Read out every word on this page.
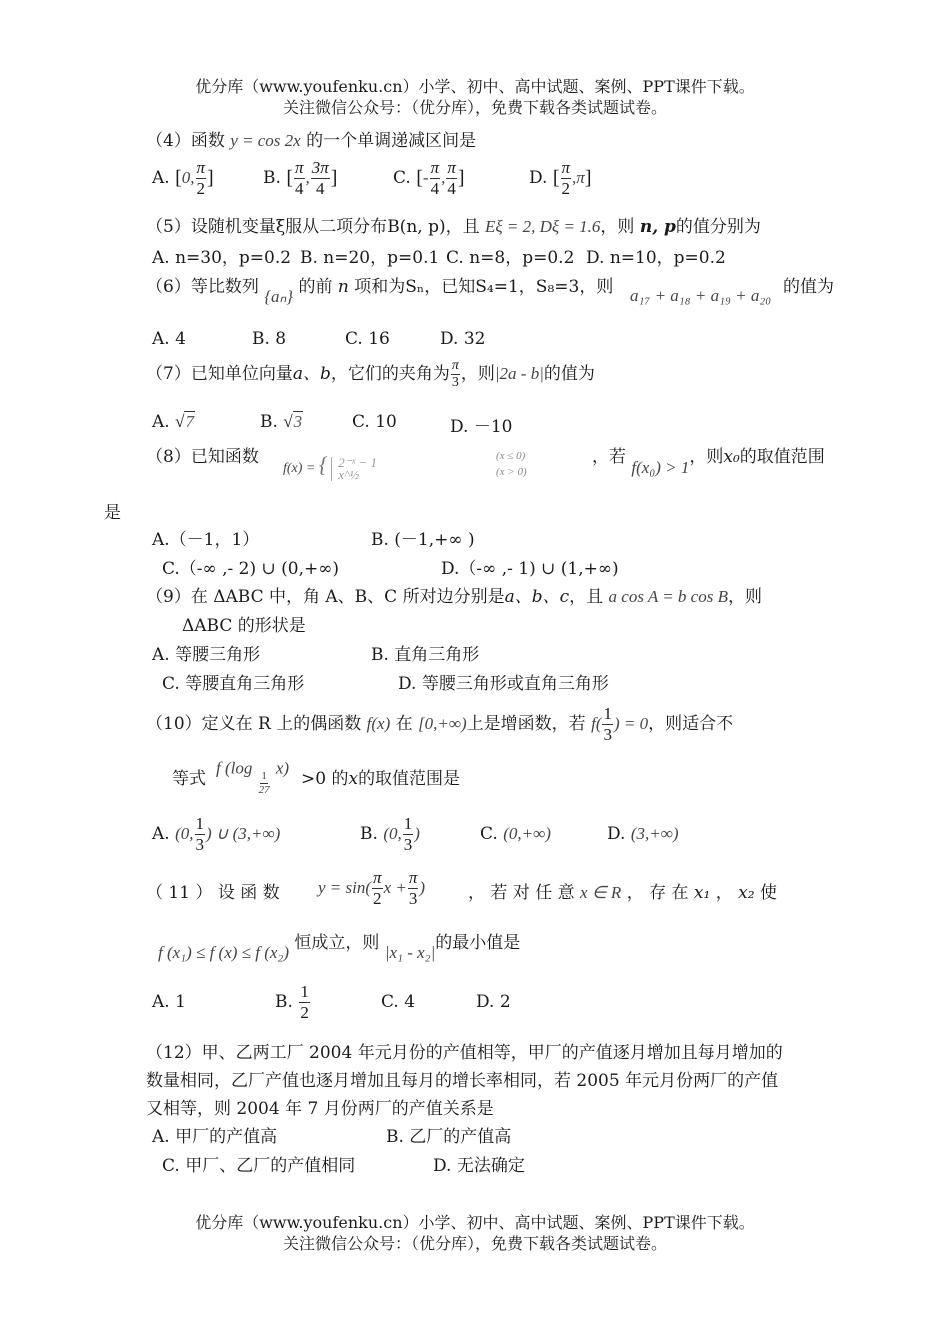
优分库（www.youfenku.cn）小学、初中、高中试题、案例、PPT课件下载。
关注微信公众号：（优分库），免费下载各类试题试卷。
（4）函数 y = cos 2x 的一个单调递减区间是
A. [0, $\frac{\pi}{2}$ ]	B. [ $\frac{\pi}{4}$ , $\frac{3\pi}{4}$ ]	C. [- $\frac{\pi}{4}$ , $\frac{\pi}{4}$ ]	D. [ $\frac{\pi}{2} ,\pi$]
（5）设随机变量ξ服从二项分布B(n, p)，且 Eξ = 2, Dξ = 1.6，则 n, p的值分别为
A. n=30，p=0.2 B. n=20，p=0.1 C. n=8，p=0.2 D. n=10，p=0.2
（6）等比数列 {aₙ} 的前 n 项和为Sₙ，已知S₄=1，S₈=3，则 a₁₇ + a₁₈ + a₁₉ + a₂₀ 的值为
A. 4	B. 8	C. 16	D. 32
（7）已知单位向量a、b，它们的夹角为 $\frac{\pi}{3}$ ，则|2a - b|的值为
A. √7	B. √3	C. 10	D. －10
（8）已知函数
f(x) = { 2⁻ˣ − 1
x^½
(x ≤ 0)
(x > 0)
，若 f(x₀) > 1，则x₀的取值范围
是
A.（－1，1）	B. (－1,+∞ )
C.（-∞ ,- 2) ∪ (0,+∞)	D.（-∞ ,- 1) ∪ (1,+∞)
（9）在 ΔABC 中，角 A、B、C 所对边分别是a、b、c，且 a cos A = b cos B，则
ΔABC 的形状是
A. 等腰三角形	B. 直角三角形
C. 等腰直角三角形	D. 等腰三角形或直角三角形
（10）定义在 R 上的偶函数 f(x) 在 [0,+∞)上是增函数，若 $f( \frac{1}{3}$ ) = 0，则适合不
等式
f (log
$\frac{1}{27}$
x)
>0 的x的取值范围是
A. (0, $\frac{1}{3}$ ) ∪ (3,+∞)	B. (0, $\frac{1}{3}$ )	C. (0,+∞)	D. (3,+∞)
（ 11 ） 设 函 数 $y = \sin( \frac{\pi}{2}$ $x + \frac{\pi}{3}$ )	， 若 对 任 意 x ∈ R ， 存 在 x₁ ， x₂ 使
f (x₁) ≤ f (x) ≤ f (x₂) 恒成立，则 |x₁ - x₂|的最小值是
A. 1	B. $\frac{1}{2}$	C. 4	D. 2
（12）甲、乙两工厂 2004 年元月份的产值相等，甲厂的产值逐月增加且每月增加的
数量相同，乙厂产值也逐月增加且每月的增长率相同，若 2005 年元月份两厂的产值
又相等，则 2004 年 7 月份两厂的产值关系是
A. 甲厂的产值高	B. 乙厂的产值高
C. 甲厂、乙厂的产值相同	D. 无法确定
优分库（www.youfenku.cn）小学、初中、高中试题、案例、PPT课件下载。
关注微信公众号：（优分库），免费下载各类试题试卷。
